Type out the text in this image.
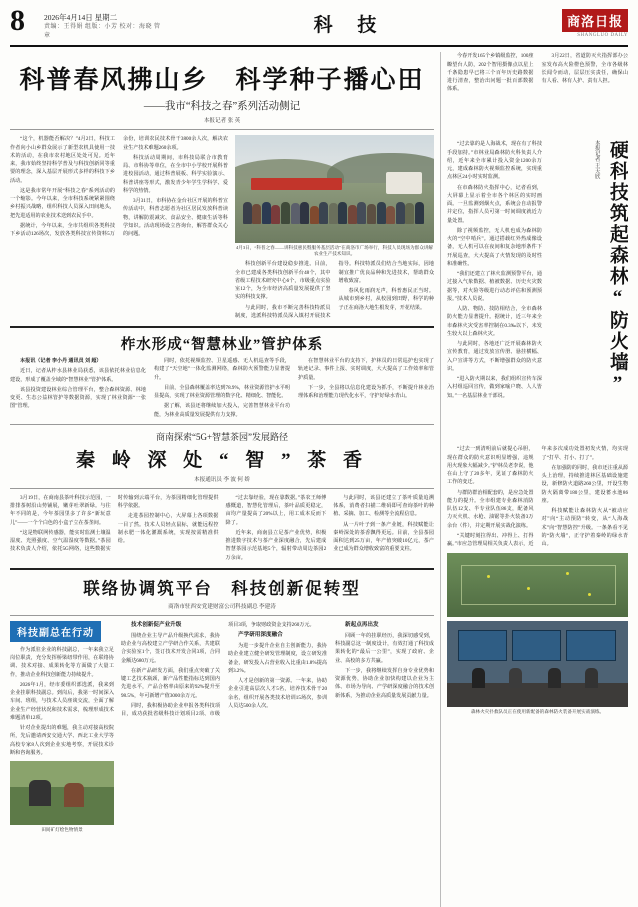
8	2026年4月14日 星期二
责编：王得娟 组版：小芳 校对：海晓 管章
科 技	商洛日报
SHANGLUO DAILY
科普春风拂山乡　科学种子播心田
——我市“科技之春”系列活动侧记
本报记者 张 英

“这个，机器能否解决？”4月2日，科技工作者向小山乡群众展示了新型农机具使用一技术的活动，在我市农村地区处处可见。近年来，我市始终坚持科学普及与科技创新同等重要的理念，深入基层开展形式多样的科技下乡活动。

这是我市常年开展“科技之春”系列活动的一个缩影。今年以来，全市科技系统紧紧围绕乡村振兴战略，组织科技人员深入田间地头，把先进适用的农业技术送到农民手中。

据统计，今年以来，全市共组织各类科技下乡活动126场次，发放各类科技宣传资料5万余份，培训农民技术骨干3800余人次，解决农业生产技术难题260余项。

科技活动周期间，市科技局联合市教育局、市科协等单位，在全市中小学校开展科普进校园活动，通过科普展板、科学实验演示、科普讲座等形式，激发青少年学生学科学、爱科学的热情。

3月31日，市科协在金台社区开展的科普宣传活动中，科普志愿者为社区居民发放科普读物，讲解防震减灾、食品安全、健康生活等科学知识。活动现场设立咨询台，解答群众关心的问题。

4月3日，“科普之春——讲科技惠民暨服务基层活动”在商洛市广场举行，科技人员现场为群众讲解农业生产技术知识。

科技创新平台建设稳步推进。目前，全市已建成各类科技创新平台48个，其中省级工程技术研究中心6个，市级重点实验室12个，为全市经济高质量发展提供了坚实的科技支撑。

与此同时，我市不断完善科技特派员制度，选派科技特派员深入镇村开展技术指导。科技特派员们结合当地实际，因地制宜推广优良品种和先进技术，帮助群众增收致富。

春风化雨润无声，科普惠民正当时。从城市到乡村，从校园到田野，科学的种子正在商洛大地生根发芽，开花结果。

柞水形成“智慧林业”管护体系

本报讯（记者 李小丹 通讯员 刘 超）

近日，记者从柞水县林业局获悉，该县依托林业信息化建设，形成了覆盖全域的“智慧林业”管护体系。

该县投资建设林业综合管理平台，整合森林资源、林地变更、生态公益林管护等数据资源，实现了林业资源“一张图”管理。

同时，依托视频监控、卫星遥感、无人机巡查等手段，构建了“天空地”一体化监测网络，森林防火预警能力显著提升。

目前，全县森林覆盖率达到78.9%，林业资源管护水平明显提高，实现了林业资源管理的数字化、精细化、智能化。

据了解，该县还将继续加大投入，完善智慧林业平台功能，为林业高质量发展提供有力支撑。

在智慧林业平台的支持下，护林员的日常巡护也实现了轨迹记录、事件上报、实时调度，大大提高了工作效率和管护质量。

下一步，全县将以信息化建设为抓手，不断提升林业治理体系和治理能力现代化水平，守护好绿水青山。

商南探索“5G+智慧茶园”发展路径
秦 岭 深 处 “ 智 ” 茶 香
本报通讯员 李 波 何 娇

3月19日，在商南县茶叶科技示范园，一排排茶树沿山势铺展，嫩芽吐翠新绿。与往年不同的是，今年茶园里多了许多“新玩意儿”——一个个白色的小盒子立在茶垄间。

“这是物联网传感器，能实时监测土壤温湿度、光照强度、空气温湿度等数据。”茶园技术负责人介绍，依托5G网络，这些数据实时传输到云端平台，为茶园精细化管理提供科学依据。

走进茶园控制中心，大屏幕上各项数据一目了然。技术人员轻点鼠标，就能远程控制水肥一体化灌溉系统，实现按需精准供给。

“过去靠经验，现在靠数据。”茶农王师傅感慨道，智慧化管理后，茶叶品质更稳定，亩均产量提高了20%以上，用工成本反而下降了。

近年来，商南县立足茶产业优势，积极推进数字技术与茶产业深度融合，先后建成智慧茶园示范基地5个，辐射带动周边茶园2万余亩。

与此同时，该县还建立了茶叶质量追溯体系，消费者扫描二维码即可查询茶叶的种植、采摘、加工、检测等全流程信息。

从一片叶子到一条产业链，科技赋能让秦岭深处的茶香飘得更远。目前，全县茶园面积达到25万亩，年产值突破10亿元，茶产业已成为群众增收致富的重要支柱。

联络协调筑平台　科技创新促转型
商洛市驻西安党建财富公司科技副总 李建涛
科技副总在行动

作为派驻企业的科技副总，一年来我立足岗位职责，充分发挥桥梁纽带作用，在联络协调、技术对接、成果转化等方面做了大量工作，推动企业科技创新能力持续提升。

2026年1月，经市委组织部选派，我来到企业挂职科技副总。到岗后，我第一时间深入车间、班组，与技术人员座谈交流，全面了解企业生产经营状况和技术需求，梳理形成技术难题清单12项。

针对企业提出的难题，我主动对接高校院所，先后邀请西安交通大学、西北工业大学等高校专家8人次到企业实地考察，开展技术诊断和咨询服务。

田间矿灯绘色物情景

技术创新促产业升级

围绕企业主导产品升级换代需求，我协助企业与高校建立产学研合作关系，共建联合实验室1个，签订技术开发合同3项，合同金额达680万元。

在新产品研发方面，我们重点突破了关键工艺技术瓶颈，新产品性能指标达到国内先进水平，产品合格率由原来的92%提升至98.5%，年可新增产值3000余万元。

同时，我积极协助企业申报各类科技项目，成功获批省级科技计划项目2项、市级项目3项，争取财政资金支持260万元。

产学研用深度融合

为进一步提升企业自主创新能力，我协助企业建立健全研发管理制度，设立研发准备金，研发投入占营业收入比重由1.8%提高到3.2%。

人才是创新的第一资源。一年来，协助企业引进高层次人才5名，培养技术骨干20余名，组织开展各类技术培训15场次，参训人员达500余人次。

新起点再出发

回顾一年的挂职经历，我深切感受到，科技副总这一制度设计，有效打通了科技成果转化的“最后一公里”，实现了政府、企业、高校的多方共赢。

下一步，我将继续发挥自身专业优势和资源优势，协助企业加快构建以企业为主体、市场为导向、产学研深度融合的技术创新体系，为推动企业高质量发展贡献力量。

今春开发165个乡镇级监控，100座瞭望台人防，202个智用摄像点以星上千条隐患早已将三个百年历史路数据进行清查，整治出问题一批百部数据体系。

3月22日，省道防灭火指挥部办公室发布高火险橙色预警，全市各级林长闻令而动，层层压实责任，确保山有人看、林有人护、责有人担。

硬科技筑起森林“防火墙”
本报记者 王天欣

“过去靠的是人海战术，现在有了科技手段加持。”市林业局森林防火科负责人介绍，近年来全市累计投入资金1200余万元，建成森林防火视频监控系统，实现重点林区24小时实时监测。

在市森林防火指挥中心，记者看到，大屏幕上显示着全市各个林区的实时画面。一旦监测到烟火点，系统会自动报警并定位，指挥人员可第一时间调度就近力量处置。

除了视频监控，无人机也成为森林防火的“空中哨兵”。通过搭载红外热成像设备，无人机可以在夜间和复杂地形条件下开展巡查，大大提高了火情发现的及时性和准确性。

“我们还建立了林火监测预警平台，通过接入气象数据、植被数据、历史火灾数据等，对火险等级进行动态评估和预测预报。”技术人员说。

人防、物防、技防相结合，全市森林防火能力显著提升。据统计，近三年来全市森林火灾受害率控制在0.3‰以下，未发生较大以上森林火灾。

与此同时，各地还广泛开展森林防火宣传教育，通过发放宣传册、悬挂横幅、入户宣讲等方式，不断增强群众的防火意识。

“进入防火期以来，我们组织宣传车深入村组巡回宣传，做到家喻户晓、人人皆知。”一名基层林业干部说。

“过去一到清明前后就提心吊胆，现在群众的防火意识明显增强，违规用火现象大幅减少。”护林员老李说，他在山上守了20多年，见证了森林防火工作的变迁。

与群防群治相配套的，是应急处置能力的提升。全市组建专业森林消防队伍12支、半专业队伍86支，配备风力灭火机、水枪、油锯等扑火装备3万余台（件），并定期开展实战化演练。

“关键时刻拉得出、冲得上、打得赢。”市应急管理局相关负责人表示，近年来多次成功处置初发火情，均实现了“打早、打小、打了”。

在加强防的同时，我市还注重从源头上治理，持续推进林区基础设施建设，新修防火道路260公里，开设生物防火隔离带180公里，建设蓄水池86座。

科技赋能让森林防火从“被动应对”向“主动预防”转变，从“人海战术”向“智慧防控”升级。一条条看不见的“防火墙”，正守护着秦岭的绿水青山。

森林火灾扑救队员正在使用新配备的森林防火装备开展实战演练。
